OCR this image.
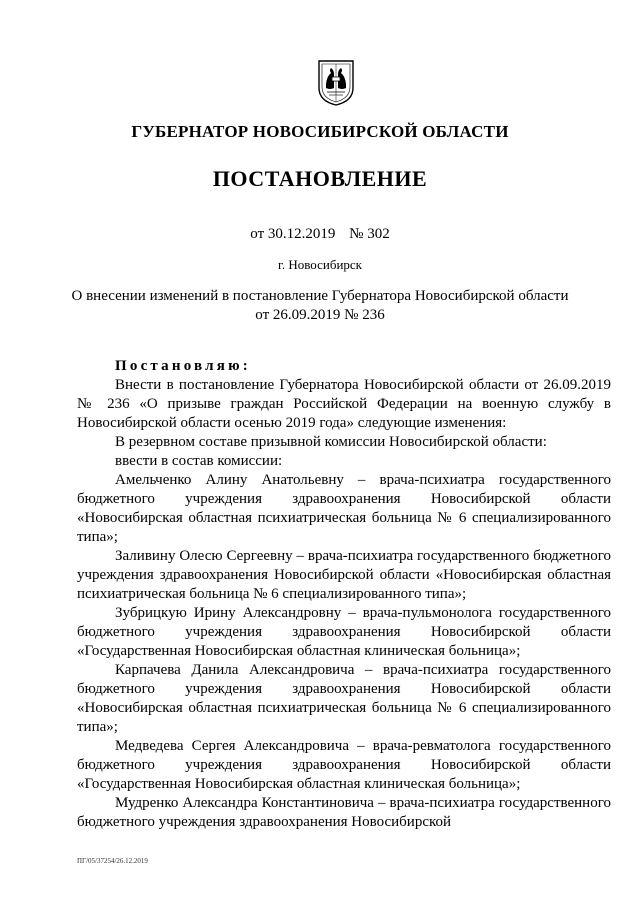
ГУБЕРНАТОР НОВОСИБИРСКОЙ ОБЛАСТИ
ПОСТАНОВЛЕНИЕ
от 30.12.2019 № 302
г. Новосибирск
О внесении изменений в постановление Губернатора Новосибирской области
от 26.09.2019 № 236

Постановляю:

Внести в постановление Губернатора Новосибирской области от 26.09.2019 № 236 «О призыве граждан Российской Федерации на военную службу в Новосибирской области осенью 2019 года» следующие изменения:

В резервном составе призывной комиссии Новосибирской области:

ввести в состав комиссии:

Амельченко Алину Анатольевну – врача-психиатра государственного бюджетного учреждения здравоохранения Новосибирской области «Новосибирская областная психиатрическая больница № 6 специализированного типа»;

Заливину Олесю Сергеевну – врача-психиатра государственного бюджетного учреждения здравоохранения Новосибирской области «Новосибирская областная психиатрическая больница № 6 специализированного типа»;

Зубрицкую Ирину Александровну – врача-пульмонолога государственного бюджетного учреждения здравоохранения Новосибирской области «Государственная Новосибирская областная клиническая больница»;

Карпачева Данила Александровича – врача-психиатра государственного бюджетного учреждения здравоохранения Новосибирской области «Новосибирская областная психиатрическая больница № 6 специализированного типа»;

Медведева Сергея Александровича – врача-ревматолога государственного бюджетного учреждения здравоохранения Новосибирской области «Государственная Новосибирская областная клиническая больница»;

Мудренко Александра Константиновича – врача-психиатра государственного бюджетного учреждения здравоохранения Новосибирской

ПГ/05/37254/26.12.2019
